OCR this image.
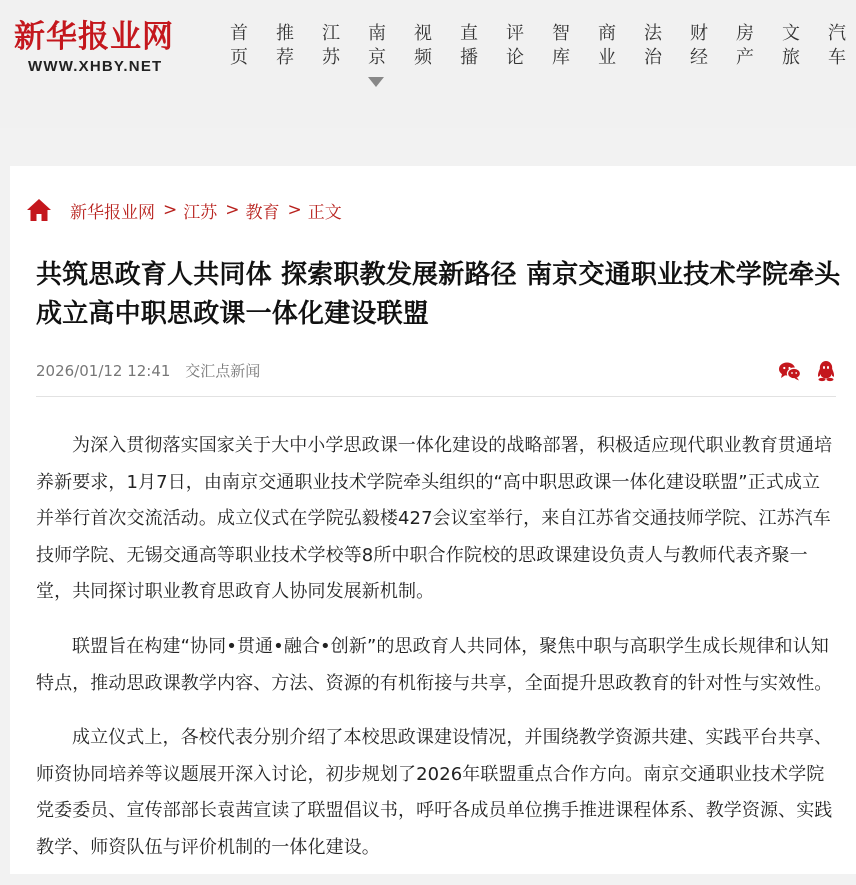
新华报业网
WWW.XHBY.NET
首页
推荐
江苏
南京
视频
直播
评论
智库
商业
法治
财经
房产
文旅
汽车
新华报业网 > 江苏 > 教育 > 正文
共筑思政育人共同体 探索职教发展新路径 南京交通职业技术学院牵头成立高中职思政课一体化建设联盟
2026/01/12 12:41 交汇点新闻

为深入贯彻落实国家关于大中小学思政课一体化建设的战略部署，积极适应现代职业教育贯通培养新要求，1月7日，由南京交通职业技术学院牵头组织的“高中职思政课一体化建设联盟”正式成立并举行首次交流活动。成立仪式在学院弘毅楼427会议室举行，来自江苏省交通技师学院、江苏汽车技师学院、无锡交通高等职业技术学校等8所中职合作院校的思政课建设负责人与教师代表齐聚一堂，共同探讨职业教育思政育人协同发展新机制。

联盟旨在构建“协同•贯通•融合•创新”的思政育人共同体，聚焦中职与高职学生成长规律和认知特点，推动思政课教学内容、方法、资源的有机衔接与共享，全面提升思政教育的针对性与实效性。

成立仪式上，各校代表分别介绍了本校思政课建设情况，并围绕教学资源共建、实践平台共享、师资协同培养等议题展开深入讨论，初步规划了2026年联盟重点合作方向。南京交通职业技术学院党委委员、宣传部部长袁茜宣读了联盟倡议书，呼吁各成员单位携手推进课程体系、教学资源、实践教学、师资队伍与评价机制的一体化建设。
